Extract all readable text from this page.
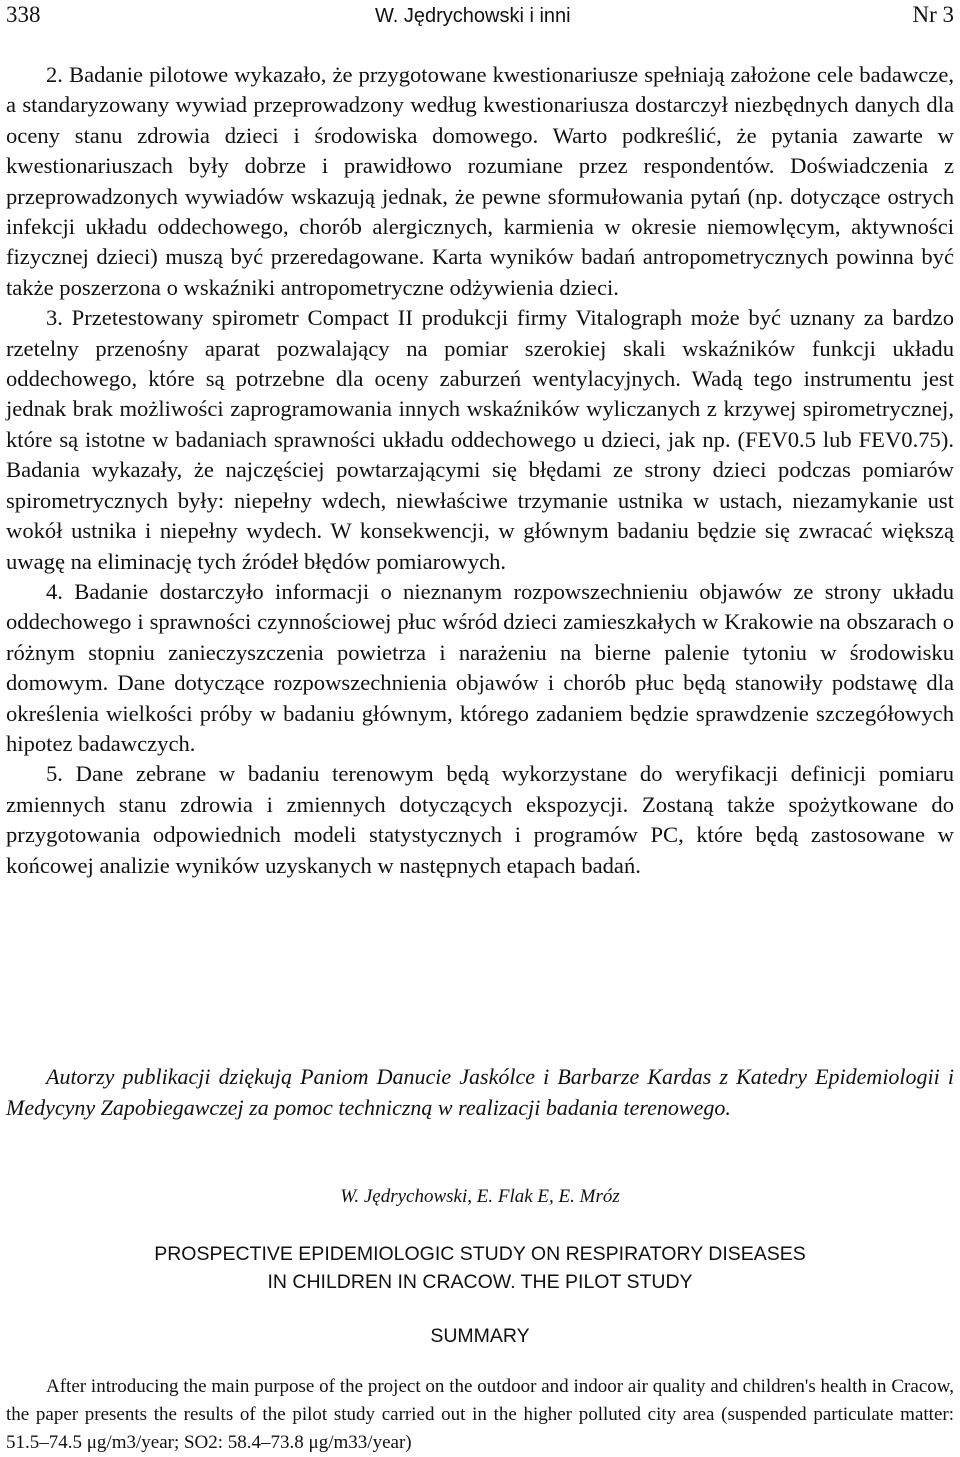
338	W. Jędrychowski i inni	Nr 3

2. Badanie pilotowe wykazało, że przygotowane kwestionariusze spełniają założone cele badawcze, a standaryzowany wywiad przeprowadzony według kwestionariusza dostarczył niezbędnych danych dla oceny stanu zdrowia dzieci i środowiska domowego. Warto podkreślić, że pytania zawarte w kwestionariuszach były dobrze i prawidłowo rozumiane przez respondentów. Doświadczenia z przeprowadzonych wywiadów wskazują jednak, że pewne sformułowania pytań (np. dotyczące ostrych infekcji układu oddechowego, chorób alergicznych, karmienia w okresie niemowlęcym, aktywności fizycznej dzieci) muszą być przeredagowane. Karta wyników badań antropometrycznych powinna być także poszerzona o wskaźniki antropometryczne odżywienia dzieci.

3. Przetestowany spirometr Compact II produkcji firmy Vitalograph może być uznany za bardzo rzetelny przenośny aparat pozwalający na pomiar szerokiej skali wskaźników funkcji układu oddechowego, które są potrzebne dla oceny zaburzeń wentylacyjnych. Wadą tego instrumentu jest jednak brak możliwości zaprogramowania innych wskaźników wyliczanych z krzywej spirometrycznej, które są istotne w badaniach sprawności układu oddechowego u dzieci, jak np. (FEV0.5 lub FEV0.75). Badania wykazały, że najczęściej powtarzającymi się błędami ze strony dzieci podczas pomiarów spirometrycznych były: niepełny wdech, niewłaściwe trzymanie ustnika w ustach, niezamykanie ust wokół ustnika i niepełny wydech. W konsekwencji, w głównym badaniu będzie się zwracać większą uwagę na eliminację tych źródeł błędów pomiarowych.

4. Badanie dostarczyło informacji o nieznanym rozpowszechnieniu objawów ze strony układu oddechowego i sprawności czynnościowej płuc wśród dzieci zamieszkałych w Krakowie na obszarach o różnym stopniu zanieczyszczenia powietrza i narażeniu na bierne palenie tytoniu w środowisku domowym. Dane dotyczące rozpowszechnienia objawów i chorób płuc będą stanowiły podstawę dla określenia wielkości próby w badaniu głównym, którego zadaniem będzie sprawdzenie szczegółowych hipotez badawczych.

5. Dane zebrane w badaniu terenowym będą wykorzystane do weryfikacji definicji pomiaru zmiennych stanu zdrowia i zmiennych dotyczących ekspozycji. Zostaną także spożytkowane do przygotowania odpowiednich modeli statystycznych i programów PC, które będą zastosowane w końcowej analizie wyników uzyskanych w następnych etapach badań.

Autorzy publikacji dziękują Paniom Danucie Jaskólce i Barbarze Kardas z Katedry Epidemiologii i Medycyny Zapobiegawczej za pomoc techniczną w realizacji badania terenowego.
W. Jędrychowski, E. Flak E, E. Mróz
PROSPECTIVE EPIDEMIOLOGIC STUDY ON RESPIRATORY DISEASES
IN CHILDREN IN CRACOW. THE PILOT STUDY
SUMMARY
After introducing the main purpose of the project on the outdoor and indoor air quality and children's health in Cracow, the paper presents the results of the pilot study carried out in the higher polluted city area (suspended particulate matter: 51.5–74.5 μg/m3/year; SO2: 58.4–73.8 μg/m33/year)
